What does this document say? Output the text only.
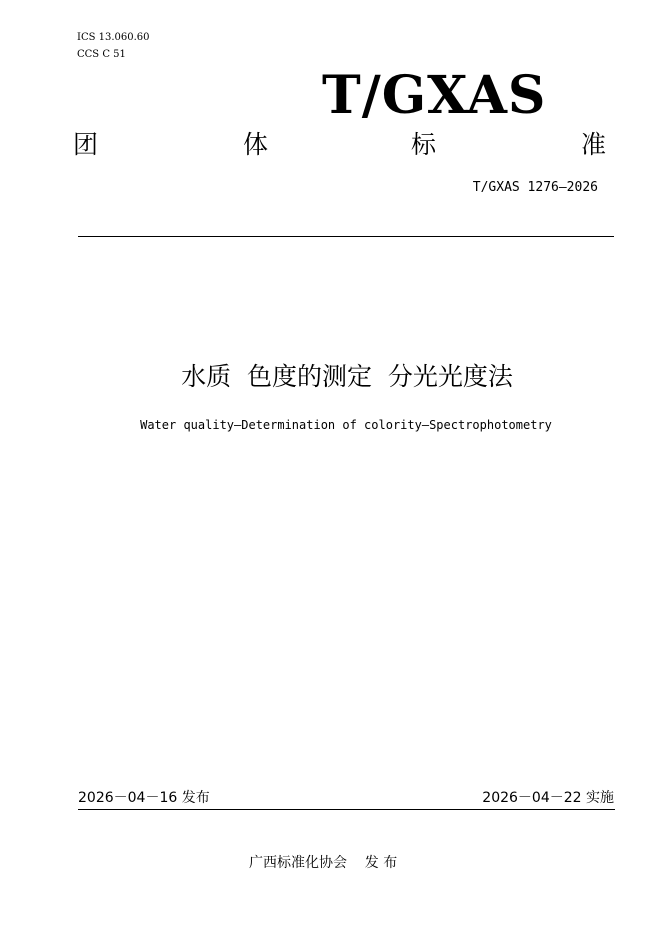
ICS 13.060.60
CCS C 51
T/GXAS
团	体	标	准
T/GXAS 1276—2026
水质  色度的测定  分光光度法
Water quality—Determination of colority—Spectrophotometry
2026－04－16 发布	2026－04－22 实施
广西标准化协会    发 布
